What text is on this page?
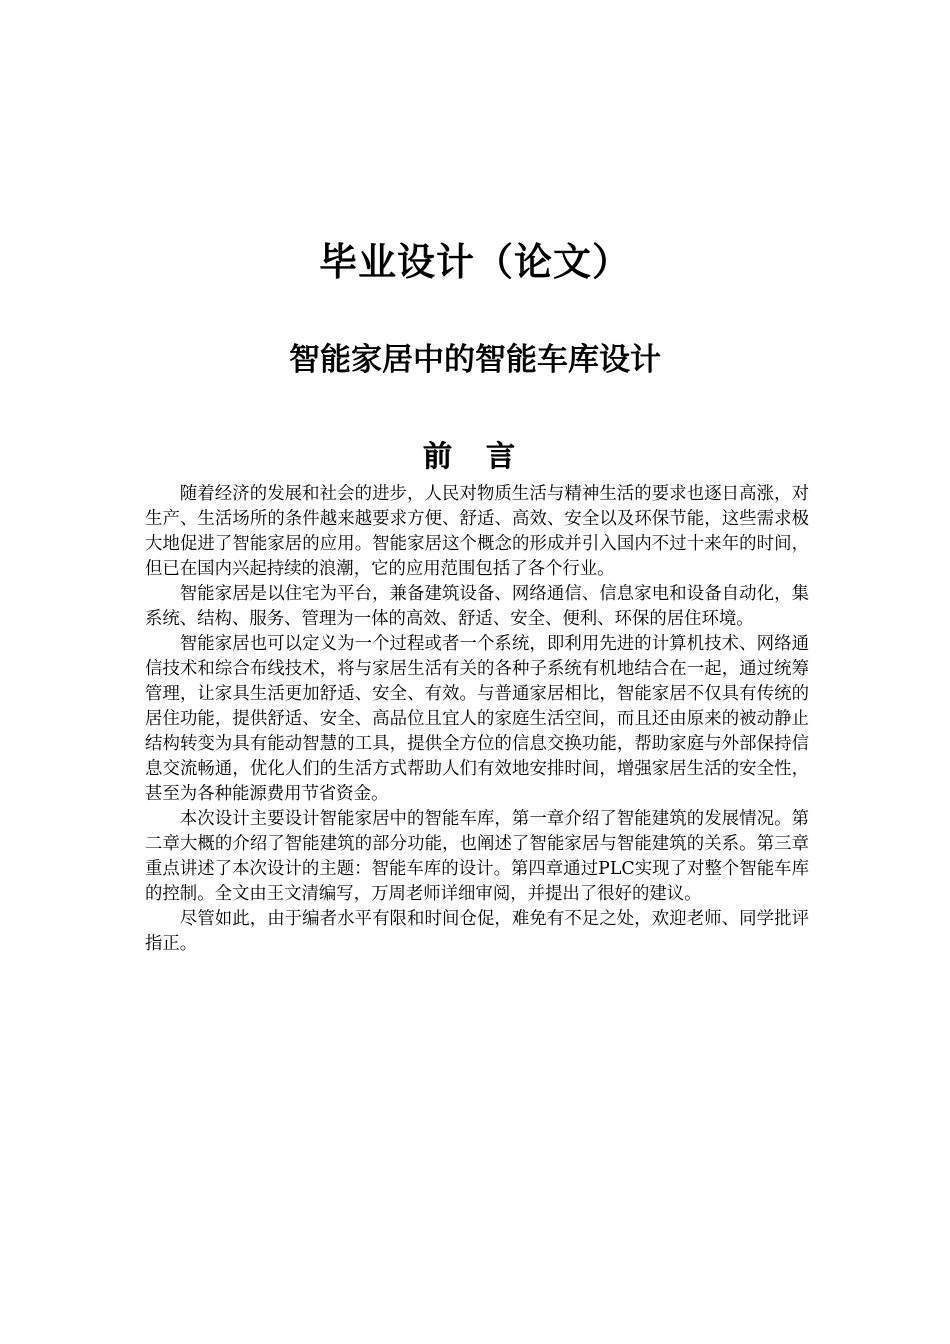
毕业设计（论文）
智能家居中的智能车库设计
前 言

随着经济的发展和社会的进步，人民对物质生活与精神生活的要求也逐日高涨，对生产、生活场所的条件越来越要求方便、舒适、高效、安全以及环保节能，这些需求极大地促进了智能家居的应用。智能家居这个概念的形成并引入国内不过十来年的时间，但已在国内兴起持续的浪潮，它的应用范围包括了各个行业。

智能家居是以住宅为平台，兼备建筑设备、网络通信、信息家电和设备自动化，集系统、结构、服务、管理为一体的高效、舒适、安全、便利、环保的居住环境。

智能家居也可以定义为一个过程或者一个系统，即利用先进的计算机技术、网络通信技术和综合布线技术，将与家居生活有关的各种子系统有机地结合在一起，通过统筹管理，让家具生活更加舒适、安全、有效。与普通家居相比，智能家居不仅具有传统的居住功能，提供舒适、安全、高品位且宜人的家庭生活空间，而且还由原来的被动静止结构转变为具有能动智慧的工具，提供全方位的信息交换功能，帮助家庭与外部保持信息交流畅通，优化人们的生活方式帮助人们有效地安排时间，增强家居生活的安全性，甚至为各种能源费用节省资金。

本次设计主要设计智能家居中的智能车库，第一章介绍了智能建筑的发展情况。第二章大概的介绍了智能建筑的部分功能，也阐述了智能家居与智能建筑的关系。第三章重点讲述了本次设计的主题：智能车库的设计。第四章通过PLC实现了对整个智能车库的控制。全文由王文清编写，万周老师详细审阅，并提出了很好的建议。

尽管如此，由于编者水平有限和时间仓促，难免有不足之处，欢迎老师、同学批评指正。
